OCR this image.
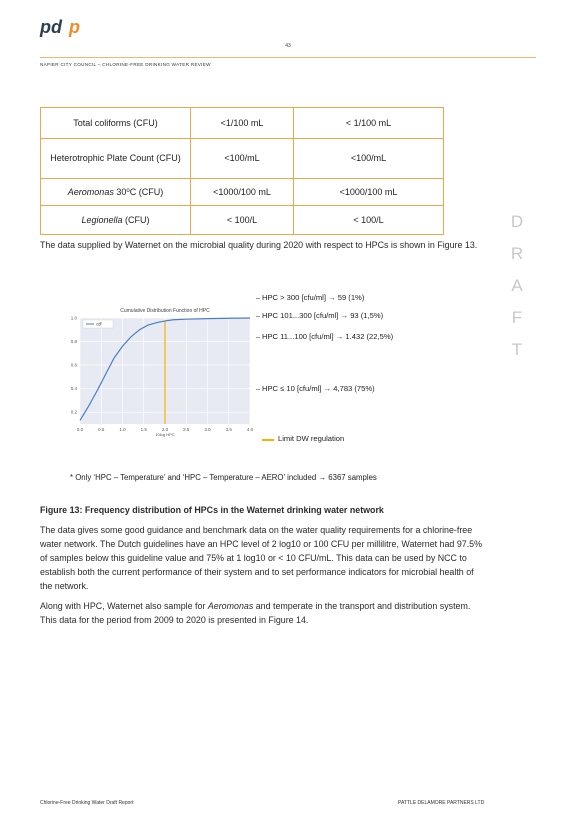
pd p
43
NAPIER CITY COUNCIL – CHLORINE-FREE DRINKING WATER REVIEW
D
R
A
F
T
Total coliforms (CFU)	<1/100 mL	< 1/100 mL
Heterotrophic Plate Count (CFU)	<100/mL	<100/mL
Aeromonas 30$^o$C (CFU)	<1000/100 mL	<1000/100 mL
Legionella (CFU)	< 100/L	< 100/L

The data supplied by Waternet on the microbial quality during 2020 with respect to HPCs is shown in Figure 13.

Cumulative Distribution Function of HPC
0.0	0.5	1.0	1.5	2.0	2.5	3.0	3.5	4.0
0.2
0.4
0.6
0.8
1.0
10log HPC
cdf
HPC > 300 [cfu/ml] → 59 (1%)
HPC 101...300 [cfu/ml] → 93 (1,5%)
HPC 11...100 [cfu/ml] → 1.432 (22,5%)
HPC ≤ 10 [cfu/ml] → 4,783 (75%)
Limit DW regulation
* Only ‘HPC – Temperature’ and ‘HPC – Temperature – AERO’ included → 6367 samples

Figure 13: Frequency distribution of HPCs in the Waternet drinking water network

The data gives some good guidance and benchmark data on the water quality requirements for a chlorine-free water network. The Dutch guidelines have an HPC level of 2 log10 or 100 CFU per millilitre, Waternet had 97.5% of samples below this guideline value and 75% at 1 log10 or < 10 CFU/mL. This data can be used by NCC to establish both the current performance of their system and to set performance indicators for microbial health of the network.

Along with HPC, Waternet also sample for Aeromonas and temperate in the transport and distribution system. This data for the period from 2009 to 2020 is presented in Figure 14.

Chlorine-Free Drinking Water Draft Report	PATTLE DELAMORE PARTNERS LTD
